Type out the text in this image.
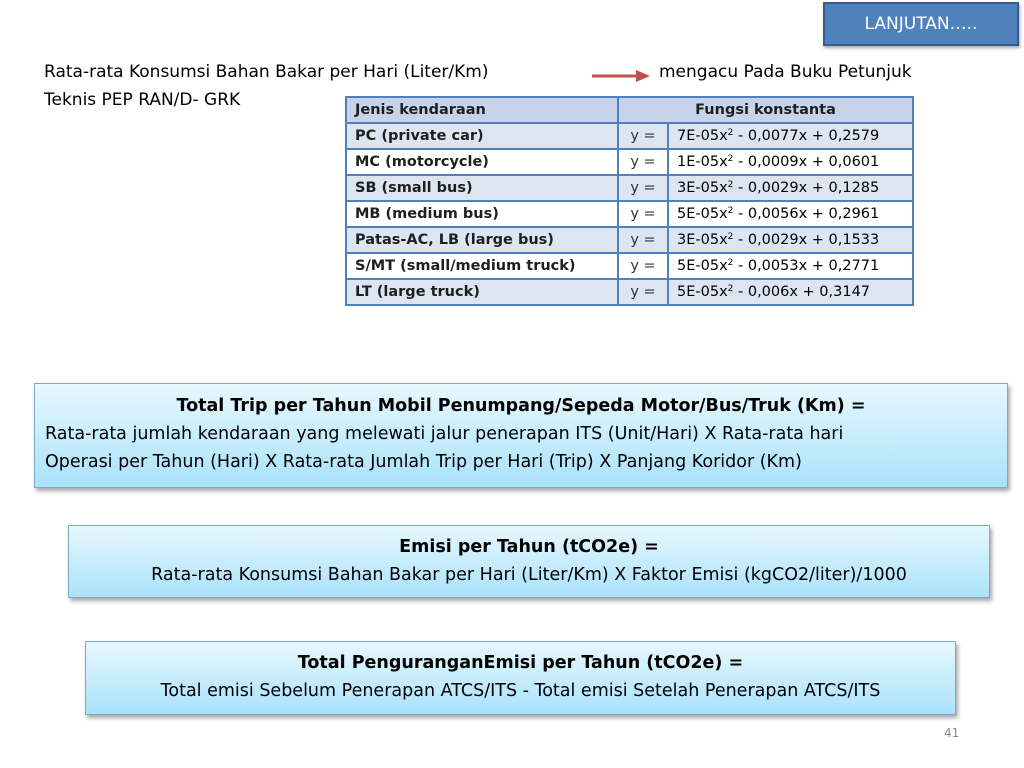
LANJUTAN…..
Rata-rata Konsumsi Bahan Bakar per Hari (Liter/Km)	mengacu Pada Buku Petunjuk
Teknis PEP RAN/D- GRK	Jenis kendaraan	Fungsi konstanta	
PC (private car)	y =	$7E-05x^2 - 0,0077x + 0,2579$
MC (motorcycle)	y =	$1E-05x^2 - 0,0009x + 0,0601$
SB (small bus)	y =	$3E-05x^2 - 0,0029x + 0,1285$
MB (medium bus)	y =	$5E-05x^2 - 0,0056x + 0,2961$
Patas-AC, LB (large bus)	y =	$3E-05x^2 - 0,0029x + 0,1533$
S/MT (small/medium truck)	y =	$5E-05x^2 - 0,0053x + 0,2771$
LT (large truck)	y =	$5E-05x^2 - 0,006x + 0,3147$
Total Trip per Tahun Mobil Penumpang/Sepeda Motor/Bus/Truk (Km) =
Rata-rata jumlah kendaraan yang melewati jalur penerapan ITS (Unit/Hari) X Rata-rata hari
Operasi per Tahun (Hari) X Rata-rata Jumlah Trip per Hari (Trip) X Panjang Koridor (Km)
Emisi per Tahun (tCO2e) =
Rata-rata Konsumsi Bahan Bakar per Hari (Liter/Km) X Faktor Emisi (kgCO2/liter)/1000
Total PenguranganEmisi per Tahun (tCO2e) =
Total emisi Sebelum Penerapan ATCS/ITS - Total emisi Setelah Penerapan ATCS/ITS
41
